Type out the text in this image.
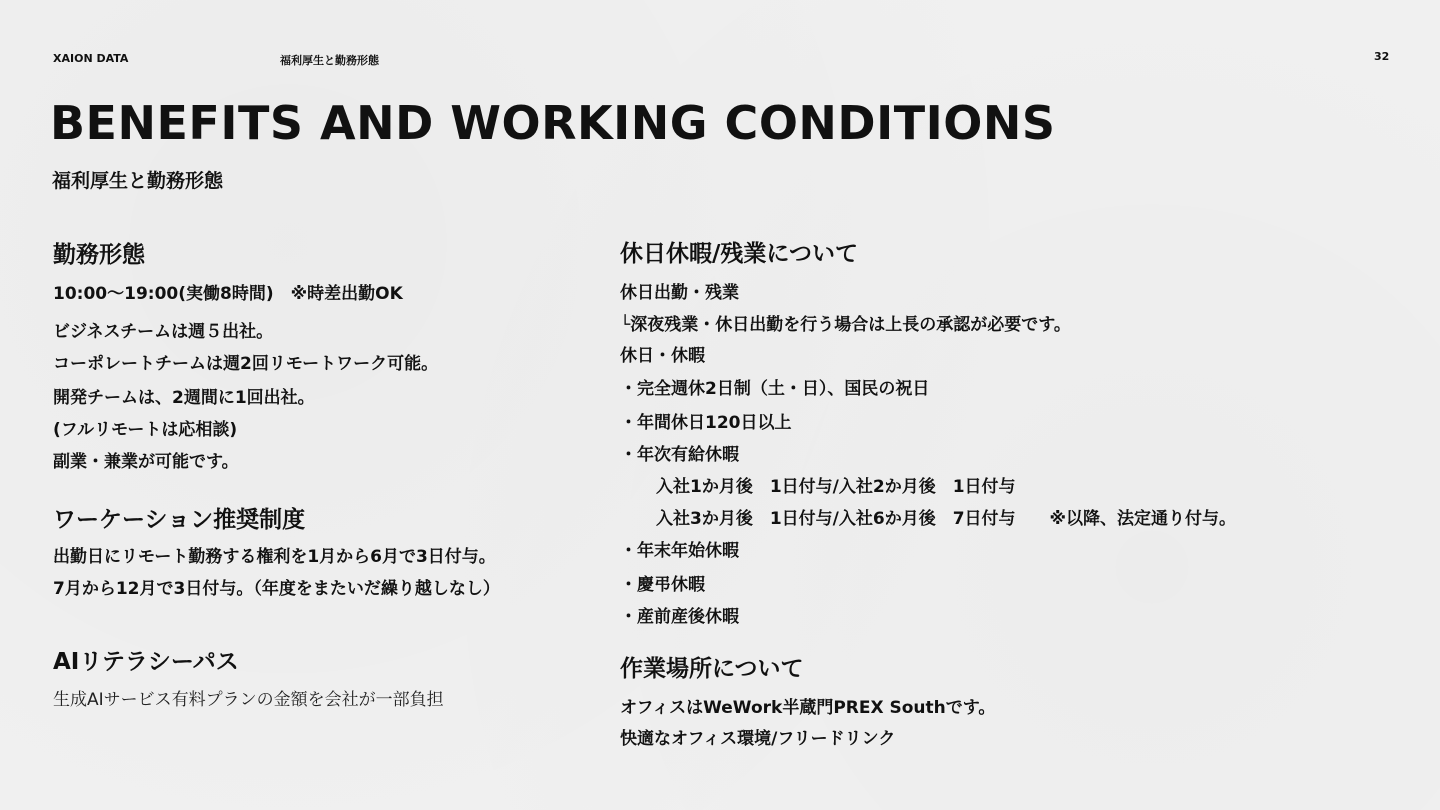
XAION DATA	福利厚生と勤務形態	32
BENEFITS AND WORKING CONDITIONS
福利厚生と勤務形態
勤務形態
10:00〜19:00(実働8時間)　※時差出勤OK
ビジネスチームは週５出社。
コーポレートチームは週2回リモートワーク可能。
開発チームは、2週間に1回出社。
(フルリモートは応相談)
副業・兼業が可能です。
ワーケーション推奨制度
出勤日にリモート勤務する権利を1月から6月で3日付与。
7月から12月で3日付与。（年度をまたいだ繰り越しなし）
AIリテラシーパス
生成AIサービス有料プランの金額を会社が一部負担
休日休暇/残業について
休日出勤・残業
└深夜残業・休日出勤を行う場合は上長の承認が必要です。
休日・休暇
・完全週休2日制（土・日）、国民の祝日
・年間休日120日以上
・年次有給休暇
入社1か月後　1日付与/入社2か月後　1日付与
入社3か月後　1日付与/入社6か月後　7日付与　　※以降、法定通り付与。
・年末年始休暇
・慶弔休暇
・産前産後休暇
作業場所について
オフィスはWeWork半蔵門PREX Southです。
快適なオフィス環境/フリードリンク
